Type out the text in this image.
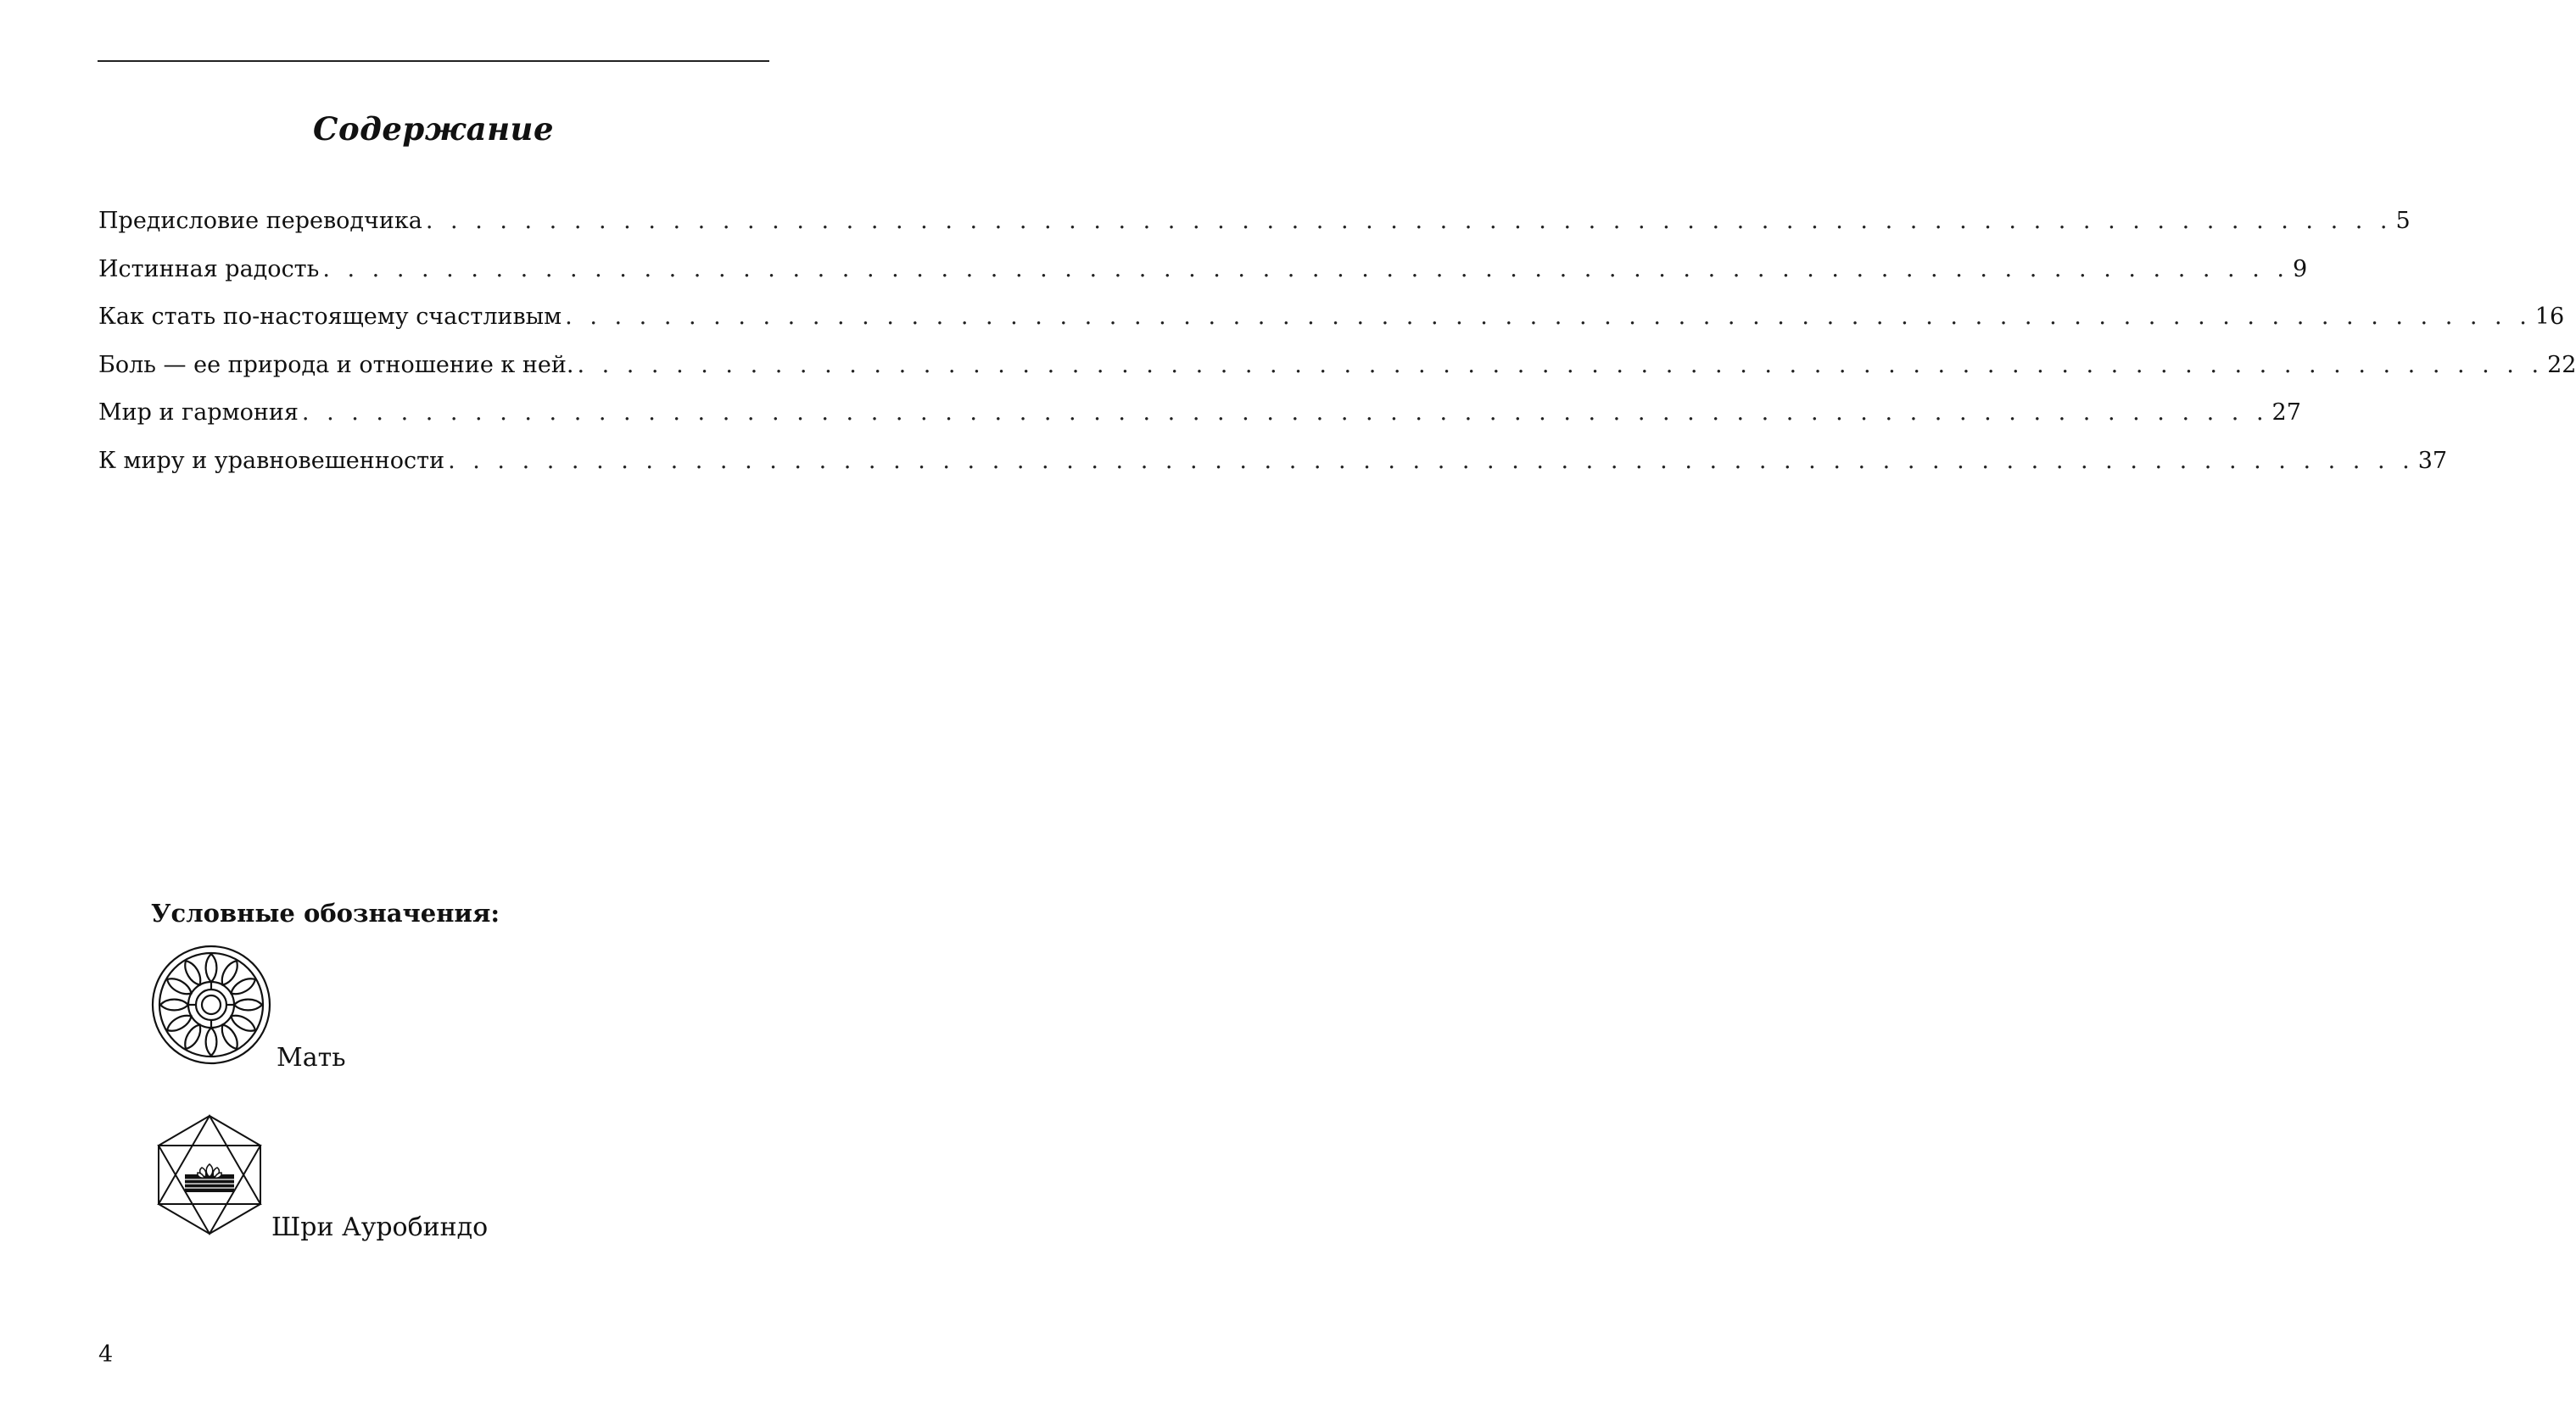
Содержание
Предисловие переводчика . . . . . . . . . . . . . . . . . . . . . . . . . . . . . . . . . . . . . . . . . . . . . . . . . . . . . . . . . . . . . . . . . . . . . . . . . . . . . . . . 5
Истинная радость . . . . . . . . . . . . . . . . . . . . . . . . . . . . . . . . . . . . . . . . . . . . . . . . . . . . . . . . . . . . . . . . . . . . . . . . . . . . . . . . 9
Как стать по-настоящему счастливым . . . . . . . . . . . . . . . . . . . . . . . . . . . . . . . . . . . . . . . . . . . . . . . . . . . . . . . . . . . . . . . . . . . . . . . . . . . . . . . . 16
Боль — ее природа и отношение к ней. . . . . . . . . . . . . . . . . . . . . . . . . . . . . . . . . . . . . . . . . . . . . . . . . . . . . . . . . . . . . . . . . . . . . . . . . . . . . . . . . 22
Мир и гармония . . . . . . . . . . . . . . . . . . . . . . . . . . . . . . . . . . . . . . . . . . . . . . . . . . . . . . . . . . . . . . . . . . . . . . . . . . . . . . . . 27
К миру и уравновешенности . . . . . . . . . . . . . . . . . . . . . . . . . . . . . . . . . . . . . . . . . . . . . . . . . . . . . . . . . . . . . . . . . . . . . . . . . . . . . . . . 37
Условные обозначения:
Мать
Шри Ауробиндо
4
